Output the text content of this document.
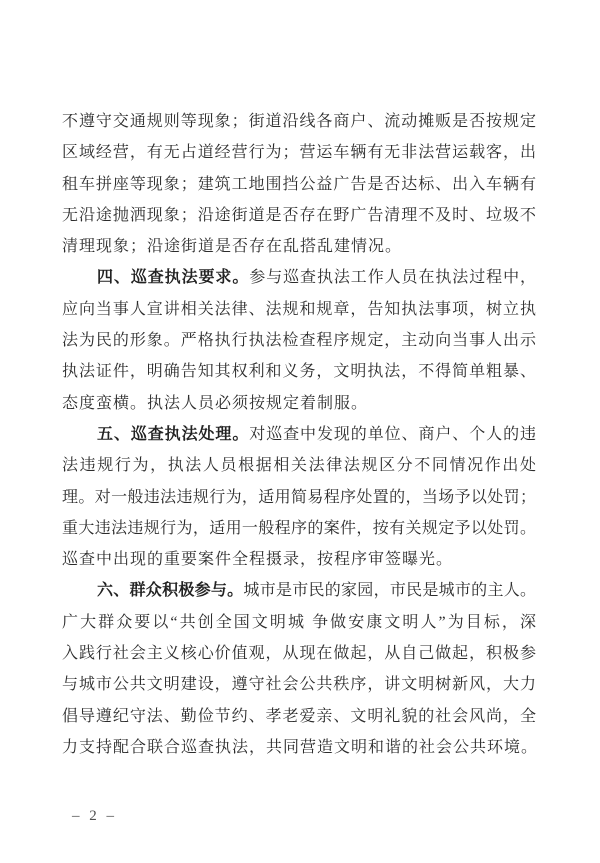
不遵守交通规则等现象；街道沿线各商户、流动摊贩是否按规定
区域经营，有无占道经营行为；营运车辆有无非法营运载客，出
租车拼座等现象；建筑工地围挡公益广告是否达标、出入车辆有
无沿途抛洒现象；沿途街道是否存在野广告清理不及时、垃圾不
清理现象；沿途街道是否存在乱搭乱建情况。
四、巡查执法要求。参与巡查执法工作人员在执法过程中，
应向当事人宣讲相关法律、法规和规章，告知执法事项，树立执
法为民的形象。严格执行执法检查程序规定，主动向当事人出示
执法证件，明确告知其权利和义务，文明执法，不得简单粗暴、
态度蛮横。执法人员必须按规定着制服。
五、巡查执法处理。对巡查中发现的单位、商户、个人的违
法违规行为，执法人员根据相关法律法规区分不同情况作出处
理。对一般违法违规行为，适用简易程序处置的，当场予以处罚；
重大违法违规行为，适用一般程序的案件，按有关规定予以处罚。
巡查中出现的重要案件全程摄录，按程序审签曝光。
六、群众积极参与。城市是市民的家园，市民是城市的主人。
广大群众要以“共创全国文明城 争做安康文明人”为目标，深
入践行社会主义核心价值观，从现在做起，从自己做起，积极参
与城市公共文明建设，遵守社会公共秩序，讲文明树新风，大力
倡导遵纪守法、勤俭节约、孝老爱亲、文明礼貌的社会风尚，全
力支持配合联合巡查执法，共同营造文明和谐的社会公共环境。
– 2 –
